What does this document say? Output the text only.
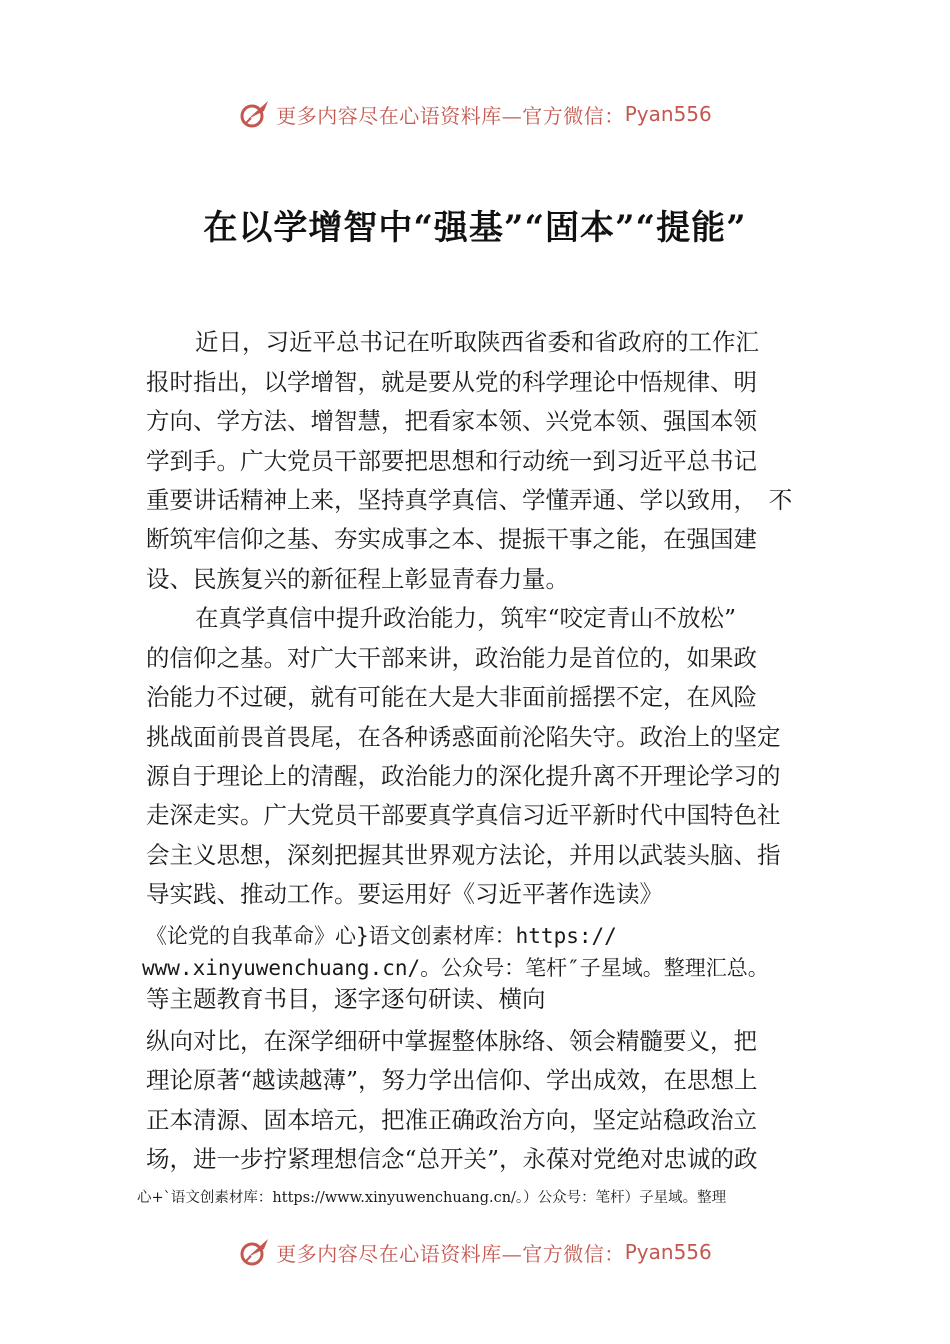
更多内容尽在心语资料库—官方微信： Pyan556
在以学增智中“强基”“固本”“提能”
近日，习近平总书记在听取陕西省委和省政府的工作汇
报时指出，以学增智，就是要从党的科学理论中悟规律、明
方向、学方法、增智慧，把看家本领、兴党本领、强国本领
学到手。广大党员干部要把思想和行动统一到习近平总书记
重要讲话精神上来，坚持真学真信、学懂弄通、学以致用，　不
断筑牢信仰之基、夯实成事之本、提振干事之能，在强国建
设、民族复兴的新征程上彰显青春力量。
在真学真信中提升政治能力，筑牢“咬定青山不放松”
的信仰之基。对广大干部来讲，政治能力是首位的，如果政
治能力不过硬，就有可能在大是大非面前摇摆不定，在风险
挑战面前畏首畏尾，在各种诱惑面前沦陷失守。政治上的坚定
源自于理论上的清醒，政治能力的深化提升离不开理论学习的
走深走实。广大党员干部要真学真信习近平新时代中国特色社
会主义思想，深刻把握其世界观方法论，并用以武装头脑、指
导实践、推动工作。要运用好《习近平著作选读》
《论党的自我革命》心}语文创素材库：https://
www.xinyuwenchuang.cn/。公众号：笔杆″子星域。整理汇总。
等主题教育书目，逐字逐句研读、横向
纵向对比，在深学细研中掌握整体脉络、领会精髓要义，把
理论原著“越读越薄”，努力学出信仰、学出成效，在思想上
正本清源、固本培元，把准正确政治方向，坚定站稳政治立
场，进一步拧紧理想信念“总开关”，永葆对党绝对忠诚的政
心+`语文创素材库：https://www.xinyuwenchuang.cn/。）公众号：笔杆）子星域。整理
更多内容尽在心语资料库—官方微信： Pyan556
